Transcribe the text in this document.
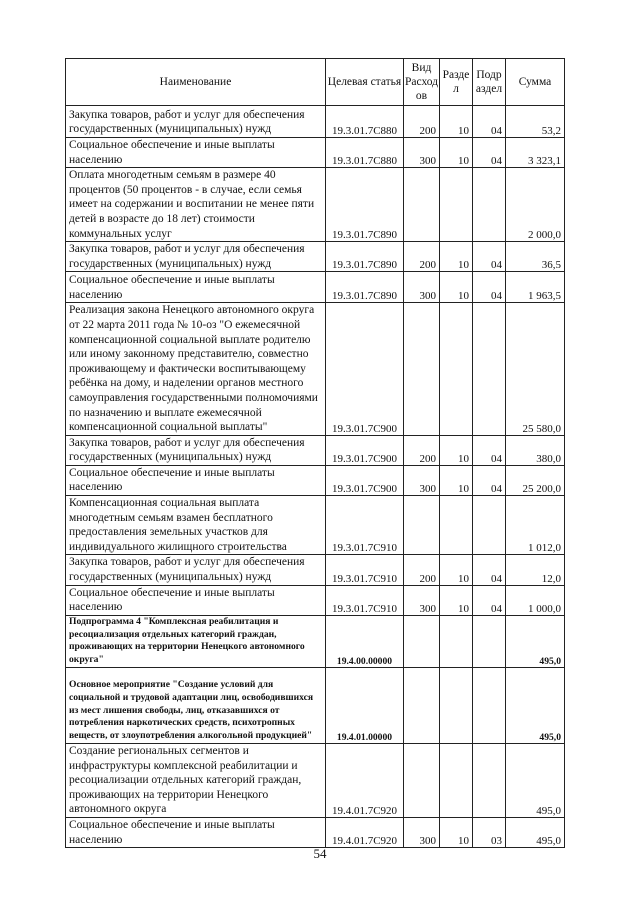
Наименование	Целевая статья	Вид Расход ов	Разде л	Подр аздел	Сумма
Закупка товаров, работ и услуг для обеспечения государственных (муниципальных) нужд	19.3.01.7С880	200	10	04	53,2
Социальное обеспечение и иные выплаты населению	19.3.01.7С880	300	10	04	3 323,1
Оплата многодетным семьям в размере 40 процентов (50 процентов - в случае, если семья имеет на содержании и воспитании не менее пяти детей в возрасте до 18 лет) стоимости коммунальных услуг	19.3.01.7С890				2 000,0
Закупка товаров, работ и услуг для обеспечения государственных (муниципальных) нужд	19.3.01.7С890	200	10	04	36,5
Социальное обеспечение и иные выплаты населению	19.3.01.7С890	300	10	04	1 963,5
Реализация закона Ненецкого автономного округа от 22 марта 2011 года № 10-оз "О ежемесячной компенсационной социальной выплате родителю или иному законному представителю, совместно проживающему и фактически воспитывающему ребёнка на дому, и наделении органов местного самоуправления государственными полномочиями по назначению и выплате ежемесячной компенсационной социальной выплаты"	19.3.01.7С900				25 580,0
Закупка товаров, работ и услуг для обеспечения государственных (муниципальных) нужд	19.3.01.7С900	200	10	04	380,0
Социальное обеспечение и иные выплаты населению	19.3.01.7С900	300	10	04	25 200,0
Компенсационная социальная выплата многодетным семьям взамен бесплатного предоставления земельных участков для индивидуального жилищного строительства	19.3.01.7С910				1 012,0
Закупка товаров, работ и услуг для обеспечения государственных (муниципальных) нужд	19.3.01.7С910	200	10	04	12,0
Социальное обеспечение и иные выплаты населению	19.3.01.7С910	300	10	04	1 000,0
Подпрограмма 4 "Комплексная реабилитация и ресоциализация отдельных категорий граждан, проживающих на территории Ненецкого автономного округа"	19.4.00.00000				495,0
Основное мероприятие "Создание условий для социальной и трудовой адаптации лиц, освободившихся из мест лишения свободы, лиц, отказавшихся от потребления наркотических средств, психотропных веществ, от злоупотребления алкогольной продукцией"	19.4.01.00000				495,0
Создание региональных сегментов и инфраструктуры комплексной реабилитации и ресоциализации отдельных категорий граждан, проживающих на территории Ненецкого автономного округа	19.4.01.7С920				495,0
Социальное обеспечение и иные выплаты населению	19.4.01.7С920	300	10	03	495,0
54
